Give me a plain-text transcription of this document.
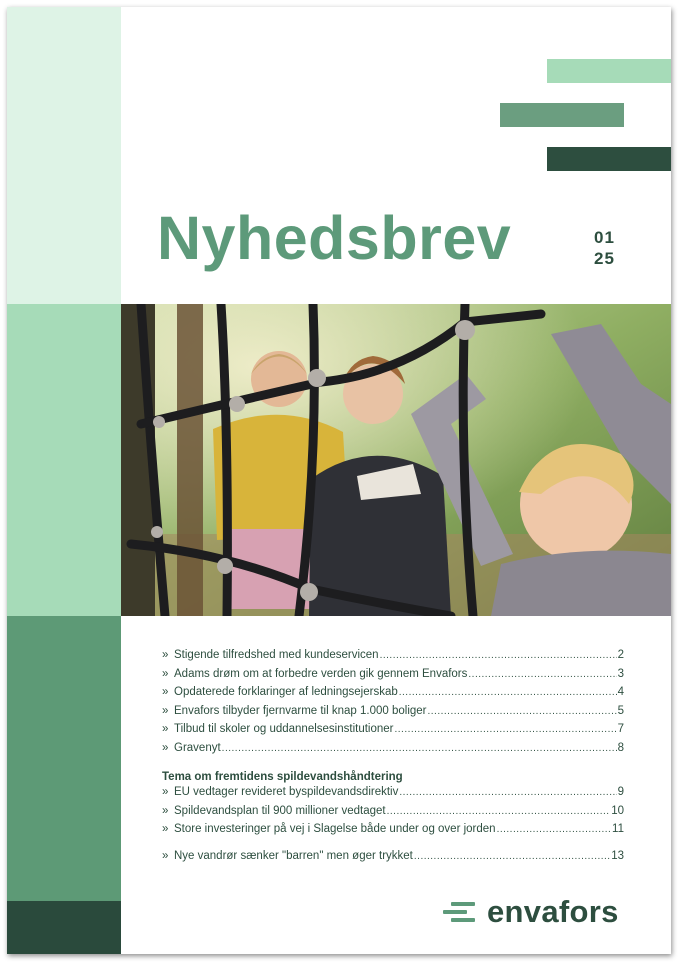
Nyhedsbrev	01
25
» Stigende tilfredshed med kundeservicen .....	2
» Adams drøm om at forbedre verden gik gennem Envafors .....	3
» Opdaterede forklaringer af ledningsejerskab .....	4
» Envafors tilbyder fjernvarme til knap 1.000 boliger .....	5
» Tilbud til skoler og uddannelsesinstitutioner .....	7
» Gravenyt .....	8
Tema om fremtidens spildevandshåndtering
» EU vedtager revideret byspildevandsdirektiv .....	9
» Spildevandsplan til 900 millioner vedtaget .....	10
» Store investeringer på vej i Slagelse både under og over jorden .....	11
» Nye vandrør sænker "barren" men øger trykket .....	13
envafors
